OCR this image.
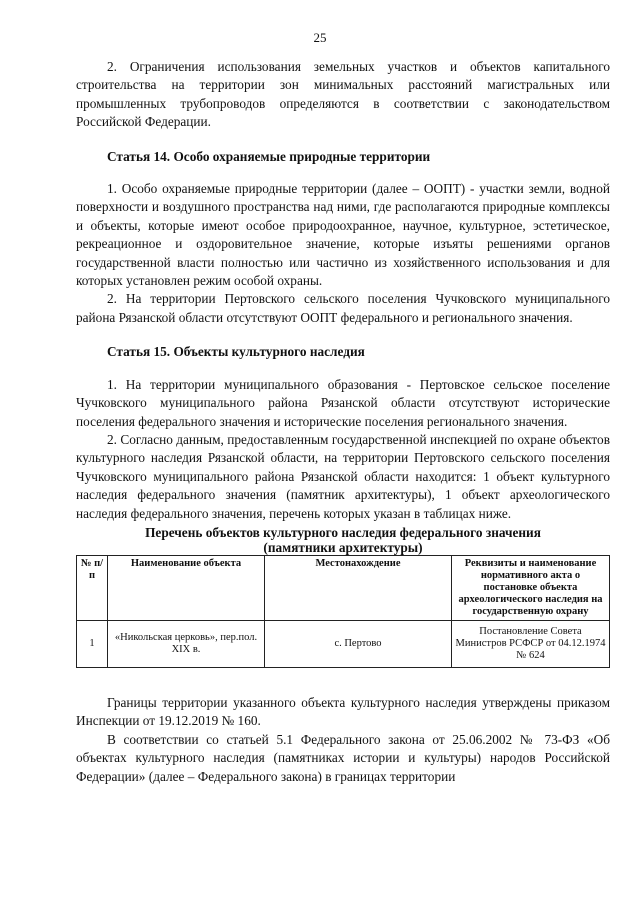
25

2. Ограничения использования земельных участков и объектов капитального строительства на территории зон минимальных расстояний магистральных или промышленных трубопроводов определяются в соответствии с законодательством Российской Федерации.

Статья 14. Особо охраняемые природные территории

1. Особо охраняемые природные территории (далее – ООПТ) - участки земли, водной поверхности и воздушного пространства над ними, где располагаются природные комплексы и объекты, которые имеют особое природоохранное, научное, культурное, эстетическое, рекреационное и оздоровительное значение, которые изъяты решениями органов государственной власти полностью или частично из хозяйственного использования и для которых установлен режим особой охраны.

2. На территории Пертовского сельского поселения Чучковского муниципального района Рязанской области отсутствуют ООПТ федерального и регионального значения.

Статья 15. Объекты культурного наследия

1. На территории муниципального образования - Пертовское сельское поселение Чучковского муниципального района Рязанской области отсутствуют исторические поселения федерального значения и исторические поселения регионального значения.

2. Согласно данным, предоставленным государственной инспекцией по охране объектов культурного наследия Рязанской области, на территории Пертовского сельского поселения Чучковского муниципального района Рязанской области находится: 1 объект культурного наследия федерального значения (памятник архитектуры), 1 объект археологического наследия федерального значения, перечень которых указан в таблицах ниже.

Перечень объектов культурного наследия федерального значения
(памятники архитектуры)
№ п/п	Наименование объекта	Местонахождение	Реквизиты и наименование нормативного акта о постановке объекта археологического наследия на государственную охрану
1	«Никольская церковь», пер.пол. XIX в.	с. Пертово	Постановление Совета Министров РСФСР от 04.12.1974 № 624

Границы территории указанного объекта культурного наследия утверждены приказом Инспекции от 19.12.2019 № 160.

В соответствии со статьей 5.1 Федерального закона от 25.06.2002 № 73-ФЗ «Об объектах культурного наследия (памятниках истории и культуры) народов Российской Федерации» (далее – Федерального закона) в границах территории
